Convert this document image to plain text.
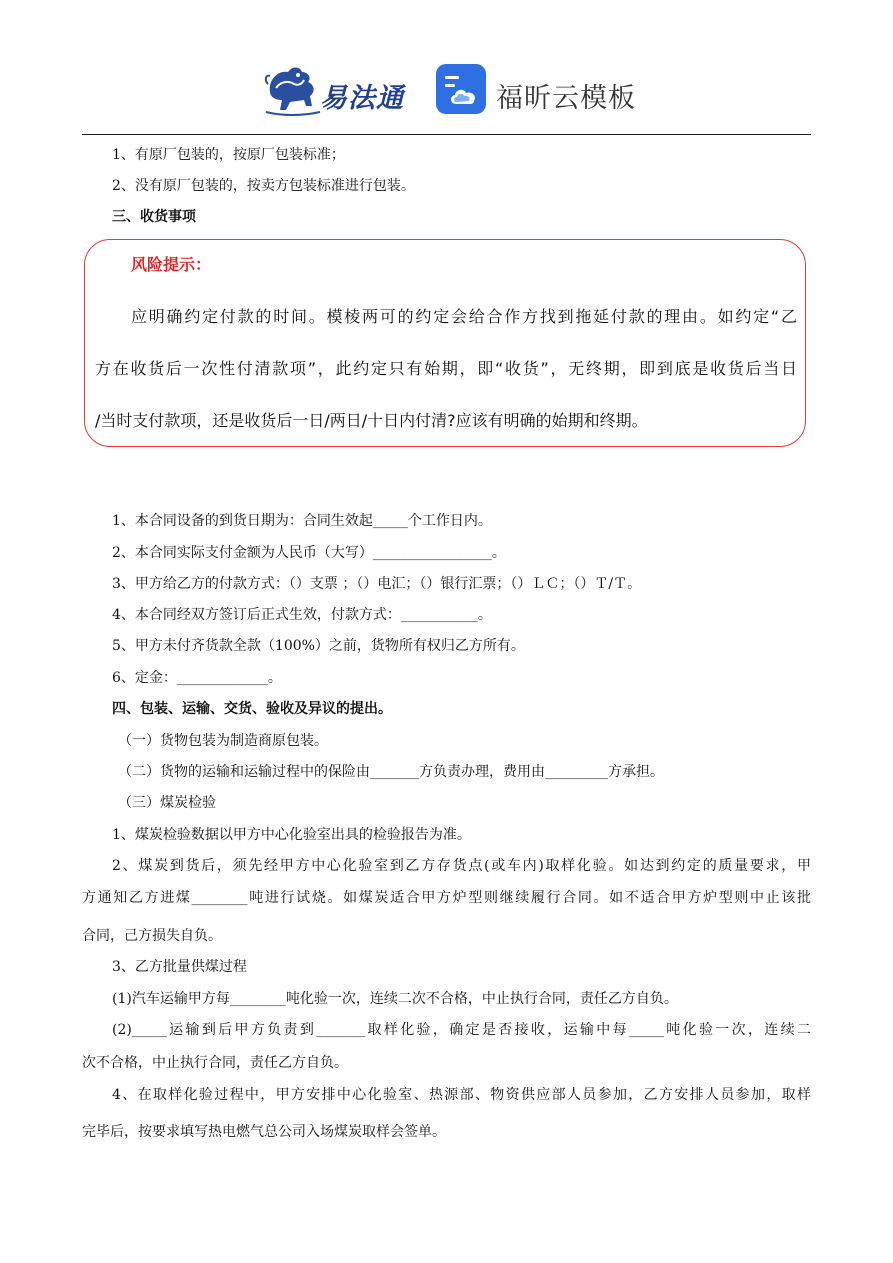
易法通	福昕云模板
1、有原厂包装的，按原厂包装标准；
2、没有原厂包装的，按卖方包装标准进行包装。
三、收货事项
风险提示：
应明确约定付款的时间。模棱两可的约定会给合作方找到拖延付款的理由。如约定“乙
方在收货后一次性付清款项”，此约定只有始期，即“收货”，无终期，即到底是收货后当日
/当时支付款项，还是收货后一日/两日/十日内付清?应该有明确的始期和终期。
1、本合同设备的到货日期为：合同生效起_____个工作日内。
2、本合同实际支付金额为人民币（大写）_________________。
3、甲方给乙方的付款方式：（）支票 ；（）电汇；（）银行汇票；（）ＬＣ；（）Ｔ/Ｔ。
4、本合同经双方签订后正式生效，付款方式：___________。
5、甲方未付齐货款全款（100%）之前，货物所有权归乙方所有。
6、定金：_____________。
四、包装、运输、交货、验收及异议的提出。
（一）货物包装为制造商原包装。
（二）货物的运输和运输过程中的保险由_______方负责办理，费用由_________方承担。
（三）煤炭检验
1、煤炭检验数据以甲方中心化验室出具的检验报告为准。
2、煤炭到货后，须先经甲方中心化验室到乙方存货点(或车内)取样化验。如达到约定的质量要求，甲
方通知乙方进煤________吨进行试烧。如煤炭适合甲方炉型则继续履行合同。如不适合甲方炉型则中止该批
合同，己方损失自负。
3、乙方批量供煤过程
(1)汽车运输甲方每________吨化验一次，连续二次不合格，中止执行合同，责任乙方自负。
(2)_____运输到后甲方负责到_______取样化验，确定是否接收，运输中每_____吨化验一次，连续二
次不合格，中止执行合同，责任乙方自负。
4、在取样化验过程中，甲方安排中心化验室、热源部、物资供应部人员参加，乙方安排人员参加，取样
完毕后，按要求填写热电燃气总公司入场煤炭取样会签单。
